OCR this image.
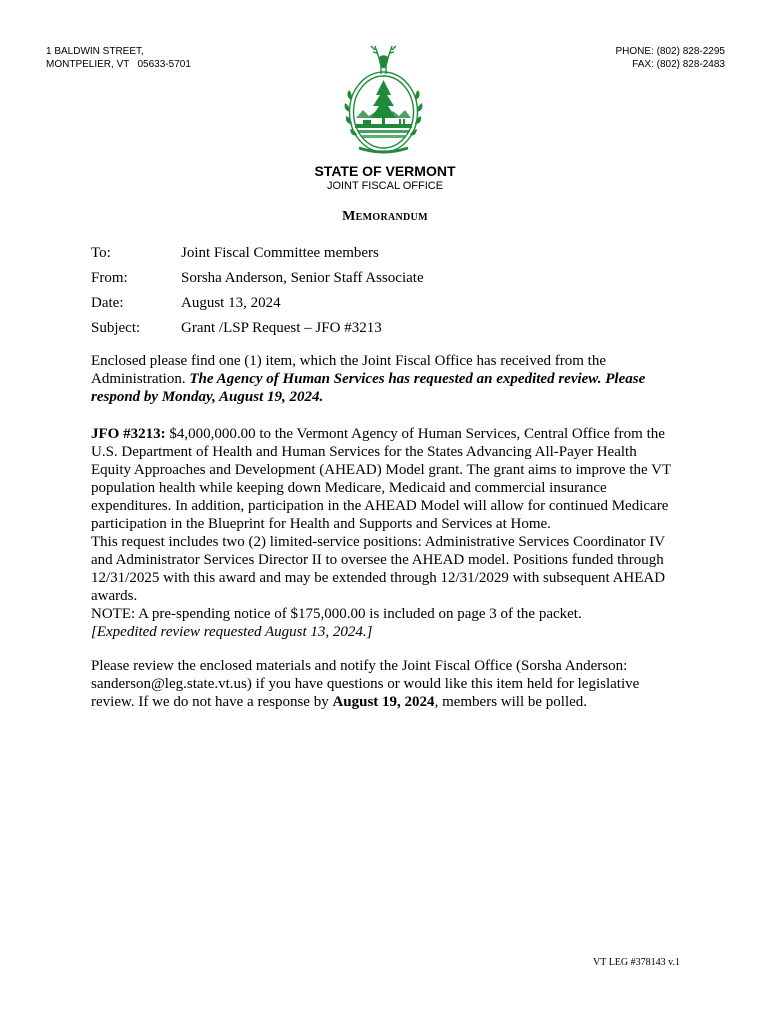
1 BALDWIN STREET,
MONTPELIER, VT   05633-5701
PHONE: (802) 828-2295
FAX: (802) 828-2483
STATE OF VERMONT
JOINT FISCAL OFFICE
Memorandum
To:	Joint Fiscal Committee members
From:	Sorsha Anderson, Senior Staff Associate
Date:	August 13, 2024
Subject:	Grant /LSP Request – JFO #3213
Enclosed please find one (1) item, which the Joint Fiscal Office has received from the
Administration. The Agency of Human Services has requested an expedited review. Please
respond by Monday, August 19, 2024.
JFO #3213: $4,000,000.00 to the Vermont Agency of Human Services, Central Office from the
U.S. Department of Health and Human Services for the States Advancing All-Payer Health
Equity Approaches and Development (AHEAD) Model grant. The grant aims to improve the VT
population health while keeping down Medicare, Medicaid and commercial insurance
expenditures. In addition, participation in the AHEAD Model will allow for continued Medicare
participation in the Blueprint for Health and Supports and Services at Home.
This request includes two (2) limited-service positions: Administrative Services Coordinator IV
and Administrator Services Director II to oversee the AHEAD model. Positions funded through
12/31/2025 with this award and may be extended through 12/31/2029 with subsequent AHEAD
awards.
NOTE: A pre-spending notice of $175,000.00 is included on page 3 of the packet.
[Expedited review requested August 13, 2024.]
Please review the enclosed materials and notify the Joint Fiscal Office (Sorsha Anderson:
sanderson@leg.state.vt.us) if you have questions or would like this item held for legislative
review. If we do not have a response by August 19, 2024, members will be polled.
VT LEG #378143 v.1
